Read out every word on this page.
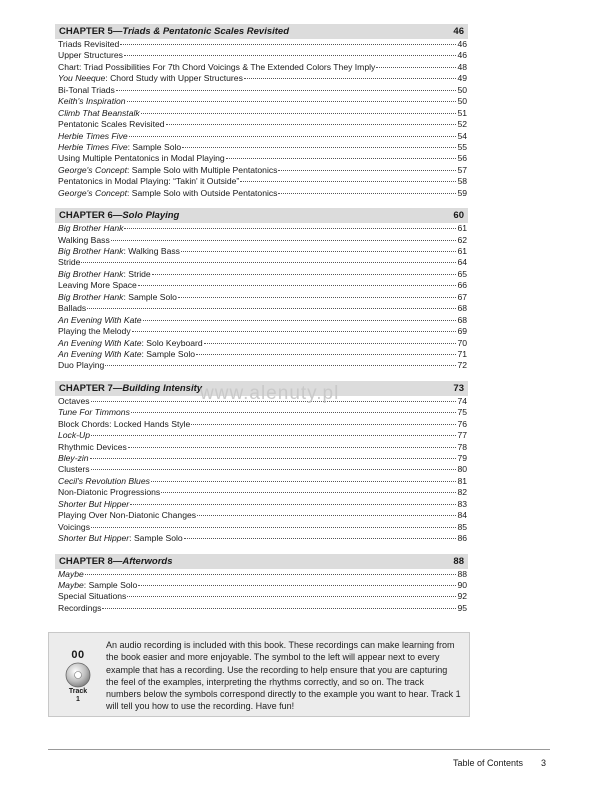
CHAPTER 5—Triads & Pentatonic Scales Revisited	46
Triads Revisited	46
Upper Structures	46
Chart: Triad Possibilities For 7th Chord Voicings & The Extended Colors They Imply	48
You Neeque: Chord Study with Upper Structures	49
Bi-Tonal Triads	50
Keith's Inspiration	50
Climb That Beanstalk	51
Pentatonic Scales Revisited	52
Herbie Times Five	54
Herbie Times Five: Sample Solo	55
Using Multiple Pentatonics in Modal Playing	56
George's Concept: Sample Solo with Multiple Pentatonics	57
Pentatonics in Modal Playing: “Takin' it Outside”	58
George's Concept: Sample Solo with Outside Pentatonics	59
CHAPTER 6—Solo Playing	60
Big Brother Hank	61
Walking Bass	62
Big Brother Hank: Walking Bass	61
Stride	64
Big Brother Hank: Stride	65
Leaving More Space	66
Big Brother Hank: Sample Solo	67
Ballads	68
An Evening With Kate	68
Playing the Melody	69
An Evening With Kate: Solo Keyboard	70
An Evening With Kate: Sample Solo	71
Duo Playing	72
CHAPTER 7—Building Intensity	73
Octaves	74
Tune For Timmons	75
Block Chords: Locked Hands Style	76
Lock-Up	77
Rhythmic Devices	78
Bley-zin	79
Clusters	80
Cecil's Revolution Blues	81
Non-Diatonic Progressions	82
Shorter But Hipper	83
Playing Over Non-Diatonic Changes	84
Voicings	85
Shorter But Hipper: Sample Solo	86
CHAPTER 8—Afterwords	88
Maybe	88
Maybe: Sample Solo	90
Special Situations	92
Recordings	95
www.alenuty.pl
00
Track
1
An audio recording is included with this book. These recordings can make learning from the book easier and more enjoyable. The symbol to the left will appear next to every example that has a recording. Use the recording to help ensure that you are capturing the feel of the examples, interpreting the rhythms correctly, and so on. The track numbers below the symbols correspond directly to the example you want to hear. Track 1 will tell you how to use the recording. Have fun!
Table of Contents 3
